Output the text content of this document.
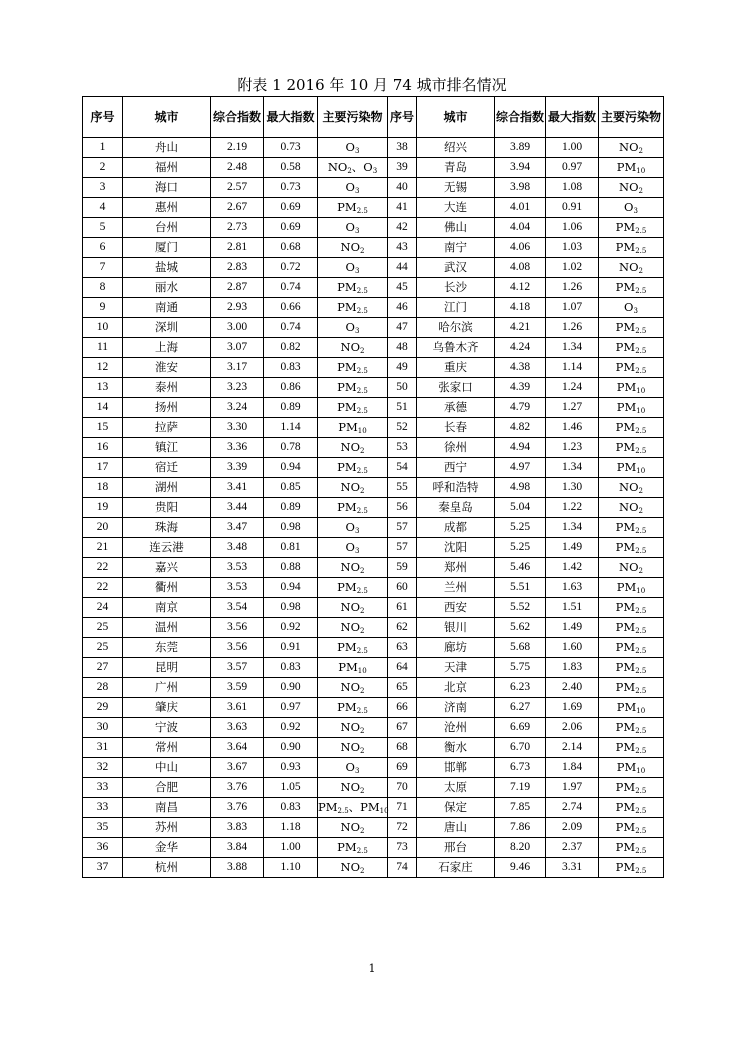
附表 1 2016 年 10 月 74 城市排名情况
序号	城市	综合指数	最大指数	主要污染物	序号	城市	综合指数	最大指数	主要污染物
1	舟山	2.19	0.73	$O_3$	38	绍兴	3.89	1.00	$NO_2$
2	福州	2.48	0.58	$NO_2$、$O_3$	39	青岛	3.94	0.97	$PM_{10}$
3	海口	2.57	0.73	$O_3$	40	无锡	3.98	1.08	$NO_2$
4	惠州	2.67	0.69	$PM_{2.5}$	41	大连	4.01	0.91	$O_3$
5	台州	2.73	0.69	$O_3$	42	佛山	4.04	1.06	$PM_{2.5}$
6	厦门	2.81	0.68	$NO_2$	43	南宁	4.06	1.03	$PM_{2.5}$
7	盐城	2.83	0.72	$O_3$	44	武汉	4.08	1.02	$NO_2$
8	丽水	2.87	0.74	$PM_{2.5}$	45	长沙	4.12	1.26	$PM_{2.5}$
9	南通	2.93	0.66	$PM_{2.5}$	46	江门	4.18	1.07	$O_3$
10	深圳	3.00	0.74	$O_3$	47	哈尔滨	4.21	1.26	$PM_{2.5}$
11	上海	3.07	0.82	$NO_2$	48	乌鲁木齐	4.24	1.34	$PM_{2.5}$
12	淮安	3.17	0.83	$PM_{2.5}$	49	重庆	4.38	1.14	$PM_{2.5}$
13	泰州	3.23	0.86	$PM_{2.5}$	50	张家口	4.39	1.24	$PM_{10}$
14	扬州	3.24	0.89	$PM_{2.5}$	51	承德	4.79	1.27	$PM_{10}$
15	拉萨	3.30	1.14	$PM_{10}$	52	长春	4.82	1.46	$PM_{2.5}$
16	镇江	3.36	0.78	$NO_2$	53	徐州	4.94	1.23	$PM_{2.5}$
17	宿迁	3.39	0.94	$PM_{2.5}$	54	西宁	4.97	1.34	$PM_{10}$
18	湖州	3.41	0.85	$NO_2$	55	呼和浩特	4.98	1.30	$NO_2$
19	贵阳	3.44	0.89	$PM_{2.5}$	56	秦皇岛	5.04	1.22	$NO_2$
20	珠海	3.47	0.98	$O_3$	57	成都	5.25	1.34	$PM_{2.5}$
21	连云港	3.48	0.81	$O_3$	57	沈阳	5.25	1.49	$PM_{2.5}$
22	嘉兴	3.53	0.88	$NO_2$	59	郑州	5.46	1.42	$NO_2$
22	衢州	3.53	0.94	$PM_{2.5}$	60	兰州	5.51	1.63	$PM_{10}$
24	南京	3.54	0.98	$NO_2$	61	西安	5.52	1.51	$PM_{2.5}$
25	温州	3.56	0.92	$NO_2$	62	银川	5.62	1.49	$PM_{2.5}$
25	东莞	3.56	0.91	$PM_{2.5}$	63	廊坊	5.68	1.60	$PM_{2.5}$
27	昆明	3.57	0.83	$PM_{10}$	64	天津	5.75	1.83	$PM_{2.5}$
28	广州	3.59	0.90	$NO_2$	65	北京	6.23	2.40	$PM_{2.5}$
29	肇庆	3.61	0.97	$PM_{2.5}$	66	济南	6.27	1.69	$PM_{10}$
30	宁波	3.63	0.92	$NO_2$	67	沧州	6.69	2.06	$PM_{2.5}$
31	常州	3.64	0.90	$NO_2$	68	衡水	6.70	2.14	$PM_{2.5}$
32	中山	3.67	0.93	$O_3$	69	邯郸	6.73	1.84	$PM_{10}$
33	合肥	3.76	1.05	$NO_2$	70	太原	7.19	1.97	$PM_{2.5}$
33	南昌	3.76	0.83	$PM_{2.5}$、$PM_{10}$	71	保定	7.85	2.74	$PM_{2.5}$
35	苏州	3.83	1.18	$NO_2$	72	唐山	7.86	2.09	$PM_{2.5}$
36	金华	3.84	1.00	$PM_{2.5}$	73	邢台	8.20	2.37	$PM_{2.5}$
37	杭州	3.88	1.10	$NO_2$	74	石家庄	9.46	3.31	$PM_{2.5}$
1
